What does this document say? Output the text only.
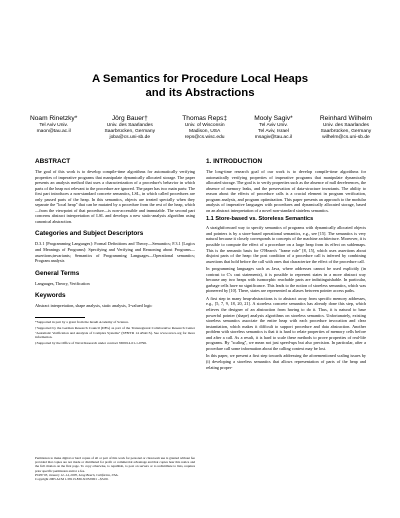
A Semantics for Procedure Local Heaps
and its Abstractions
Noam Rinetzky*
Tel Aviv Univ.
maon@tau.ac.il
Jörg Bauer†
Univ. des Saarlandes
Saarbrücken, Germany
joba@cs.uni-sb.de
Thomas Reps‡
Univ. of Wisconsin
Madison, USA
reps@cs.wisc.edu
Mooly Sagiv*
Tel Aviv Univ.
Tel Aviv, Israel
msagiv@tau.ac.il
Reinhard Wilhelm
Univ. des Saarlandes
Saarbrücken, Germany
wilhelm@cs.uni-sb.de
ABSTRACT

The goal of this work is to develop compile-time algorithms for automatically verifying properties of imperative programs that manipulate dynamically allocated storage. The paper presents an analysis method that uses a characterization of a procedure's behavior in which parts of the heap not relevant to the procedure are ignored. The paper has two main parts: The first part introduces a non-standard concrete semantics, LSL, in which called procedures are only passed parts of the heap. In this semantics, objects are treated specially when they separate the "local heap" that can be mutated by a procedure from the rest of the heap, which—from the viewpoint of that procedure—is non-accessible and immutable. The second part concerns abstract interpretation of LSL and develops a new static-analysis algorithm using canonical abstraction.

Categories and Subject Descriptors

D.3.1 [Programming Languages]: Formal Definitions and Theory—Semantics; F.3.1 [Logics and Meanings of Programs]: Specifying and Verifying and Reasoning about Programs—assertions;invariants; Semantics of Programming Languages—Operational semantics; Program analysis

General Terms

Languages, Theory, Verification

Keywords

Abstract interpretation, shape analysis, static analysis, 3-valued logic

*Supported in part by a grant from the Israeli Academy of Science.

†Supported by the German Research Council (DFG) as part of the Transregional Collaborative Research Center "Automatic Verification and Analysis of Complex Systems" (SFB/TR 14 AVACS). See www.avacs.org for more information.

‡Supported by the Office of Naval Research under contract N00014-01-1-0796.

Permission to make digital or hard copies of all or part of this work for personal or classroom use is granted without fee provided that copies are not made or distributed for profit or commercial advantage and that copies bear this notice and the full citation on the first page. To copy otherwise, to republish, to post on servers or to redistribute to lists, requires prior specific permission and/or a fee.

POPL'05, January 12–14, 2005, Long Beach, California, USA.

Copyright 2005 ACM 1-58113-830-X/05/0001 ...$5.00.

1. INTRODUCTION

The long-time research goal of our work is to develop compile-time algorithms for automatically verifying properties of imperative programs that manipulate dynamically allocated storage. The goal is to verify properties such as the absence of null dereferences, the absence of memory leaks, and the preservation of data-structure invariants. The ability to reason about the effects of procedure calls is a crucial element in program verification, program analysis, and program optimization. This paper presents an approach to the modular analysis of imperative languages with procedures and dynamically allocated storage, based on an abstract interpretation of a novel non-standard stateless semantics.

1.1 Store-based vs. Storeless Semantics

A straightforward way to specify semantics of programs with dynamically allocated objects and pointers is by a store-based operational semantics, e.g., see [15]. The semantics is very natural because it closely corresponds to concepts of the machine architecture. Moreover, it is possible to compute the effect of a procedure on a large heap from its effect on sublemaps. This is the semantic basis for O'Hearn's "frame rule" [8, 15], which uses assertions about disjoint parts of the heap: the post condition of a procedure call is inferred by combining assertions that hold before the call with ones that characterize the effect of the procedure call.

In programming languages such as Java, where addresses cannot be used explicitly (in contrast to C's cast statements), it is possible to represent states in a more abstract way because any two heaps with isomorphic reachable parts are indistinguishable. In particular, garbage cells have no significance. This leads to the notion of storeless semantics, which was pioneered by [10]. There, states are represented as aliases between pointer access paths.

A first step in many heap-abstractions is to abstract away from specific memory addresses, e.g., [5, 7, 9, 18, 20, 21]. A storeless concrete semantics has already done this step, which relieves the designer of an abstraction from having to do it. Thus, it is natural to base powerful pointer (shape) analysis algorithms on storeless semantics. Unfortunately, existing storeless semantics associate the entire heap with each procedure invocation and clear instantiation, which makes it difficult to support procedure and data abstraction. Another problem with storeless semantics is that it is hard to relate properties of memory cells before and after a call. As a result, it is hard to scale these methods to prove properties of real-life programs. By "scaling", we mean not just speed-ups but also precision. In particular, after a procedure call some information about the calling context may be lost.

In this paper, we present a first step towards addressing the aforementioned scaling issues by (i) developing a storeless semantics that allows representation of parts of the heap and relating proper-
